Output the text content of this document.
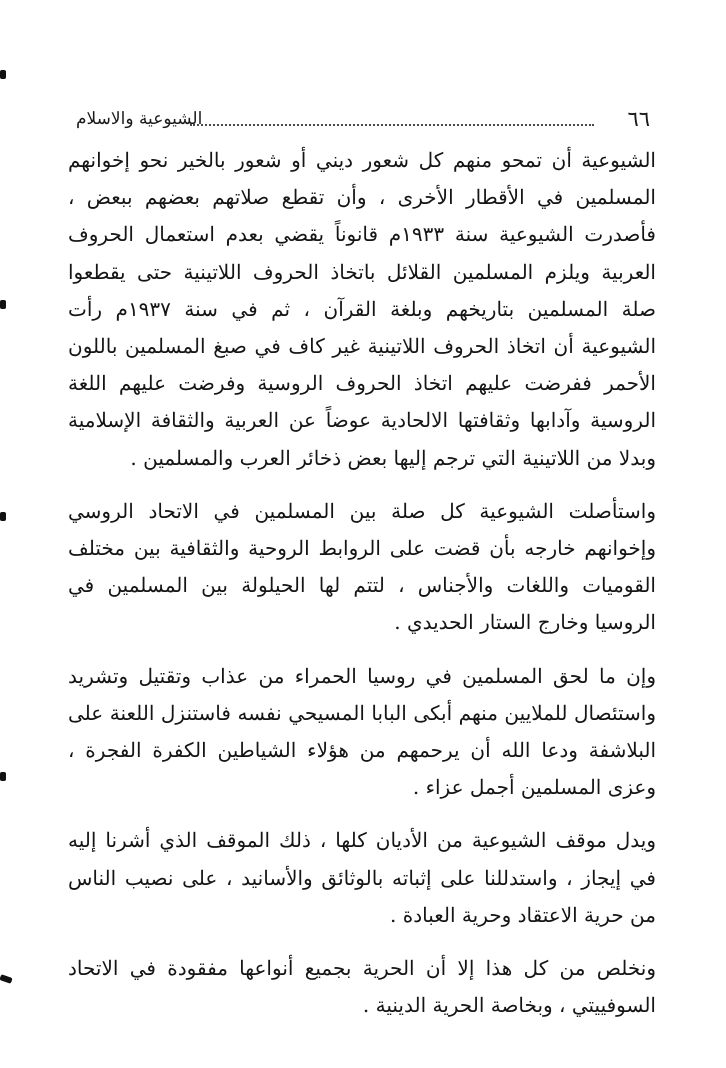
٦٦
الشيوعية والاسلام

الشيوعية أن تمحو منهم كل شعور ديني أو شعور بالخير نحو إخوانهم المسلمين في الأقطار الأخرى ، وأن تقطع صلاتهم بعضهم ببعض ، فأصدرت الشيوعية سنة ١٩٣٣م قانوناً يقضي بعدم استعمال الحروف العربية ويلزم المسلمين القلائل باتخاذ الحروف اللاتينية حتى يقطعوا صلة المسلمين بتاريخهم وبلغة القرآن ، ثم في سنة ١٩٣٧م رأت الشيوعية أن اتخاذ الحروف اللاتينية غير كاف في صبغ المسلمين باللون الأحمر ففرضت عليهم اتخاذ الحروف الروسية وفرضت عليهم اللغة الروسية وآدابها وثقافتها الالحادية عوضاً عن العربية والثقافة الإسلامية وبدلا من اللاتينية التي ترجم إليها بعض ذخائر العرب والمسلمين .

واستأصلت الشيوعية كل صلة بين المسلمين في الاتحاد الروسي وإخوانهم خارجه بأن قضت على الروابط الروحية والثقافية بين مختلف القوميات واللغات والأجناس ، لتتم لها الحيلولة بين المسلمين في الروسيا وخارج الستار الحديدي .

وإن ما لحق المسلمين في روسيا الحمراء من عذاب وتقتيل وتشريد واستئصال للملايين منهم أبكى البابا المسيحي نفسه فاستنزل اللعنة على البلاشفة ودعا الله أن يرحمهم من هؤلاء الشياطين الكفرة الفجرة ، وعزى المسلمين أجمل عزاء .

ويدل موقف الشيوعية من الأديان كلها ، ذلك الموقف الذي أشرنا إليه في إيجاز ، واستدللنا على إثباته بالوثائق والأسانيد ، على نصيب الناس من حرية الاعتقاد وحرية العبادة .

ونخلص من كل هذا إلا أن الحرية بجميع أنواعها مفقودة في الاتحاد السوفييتي ، وبخاصة الحرية الدينية .
